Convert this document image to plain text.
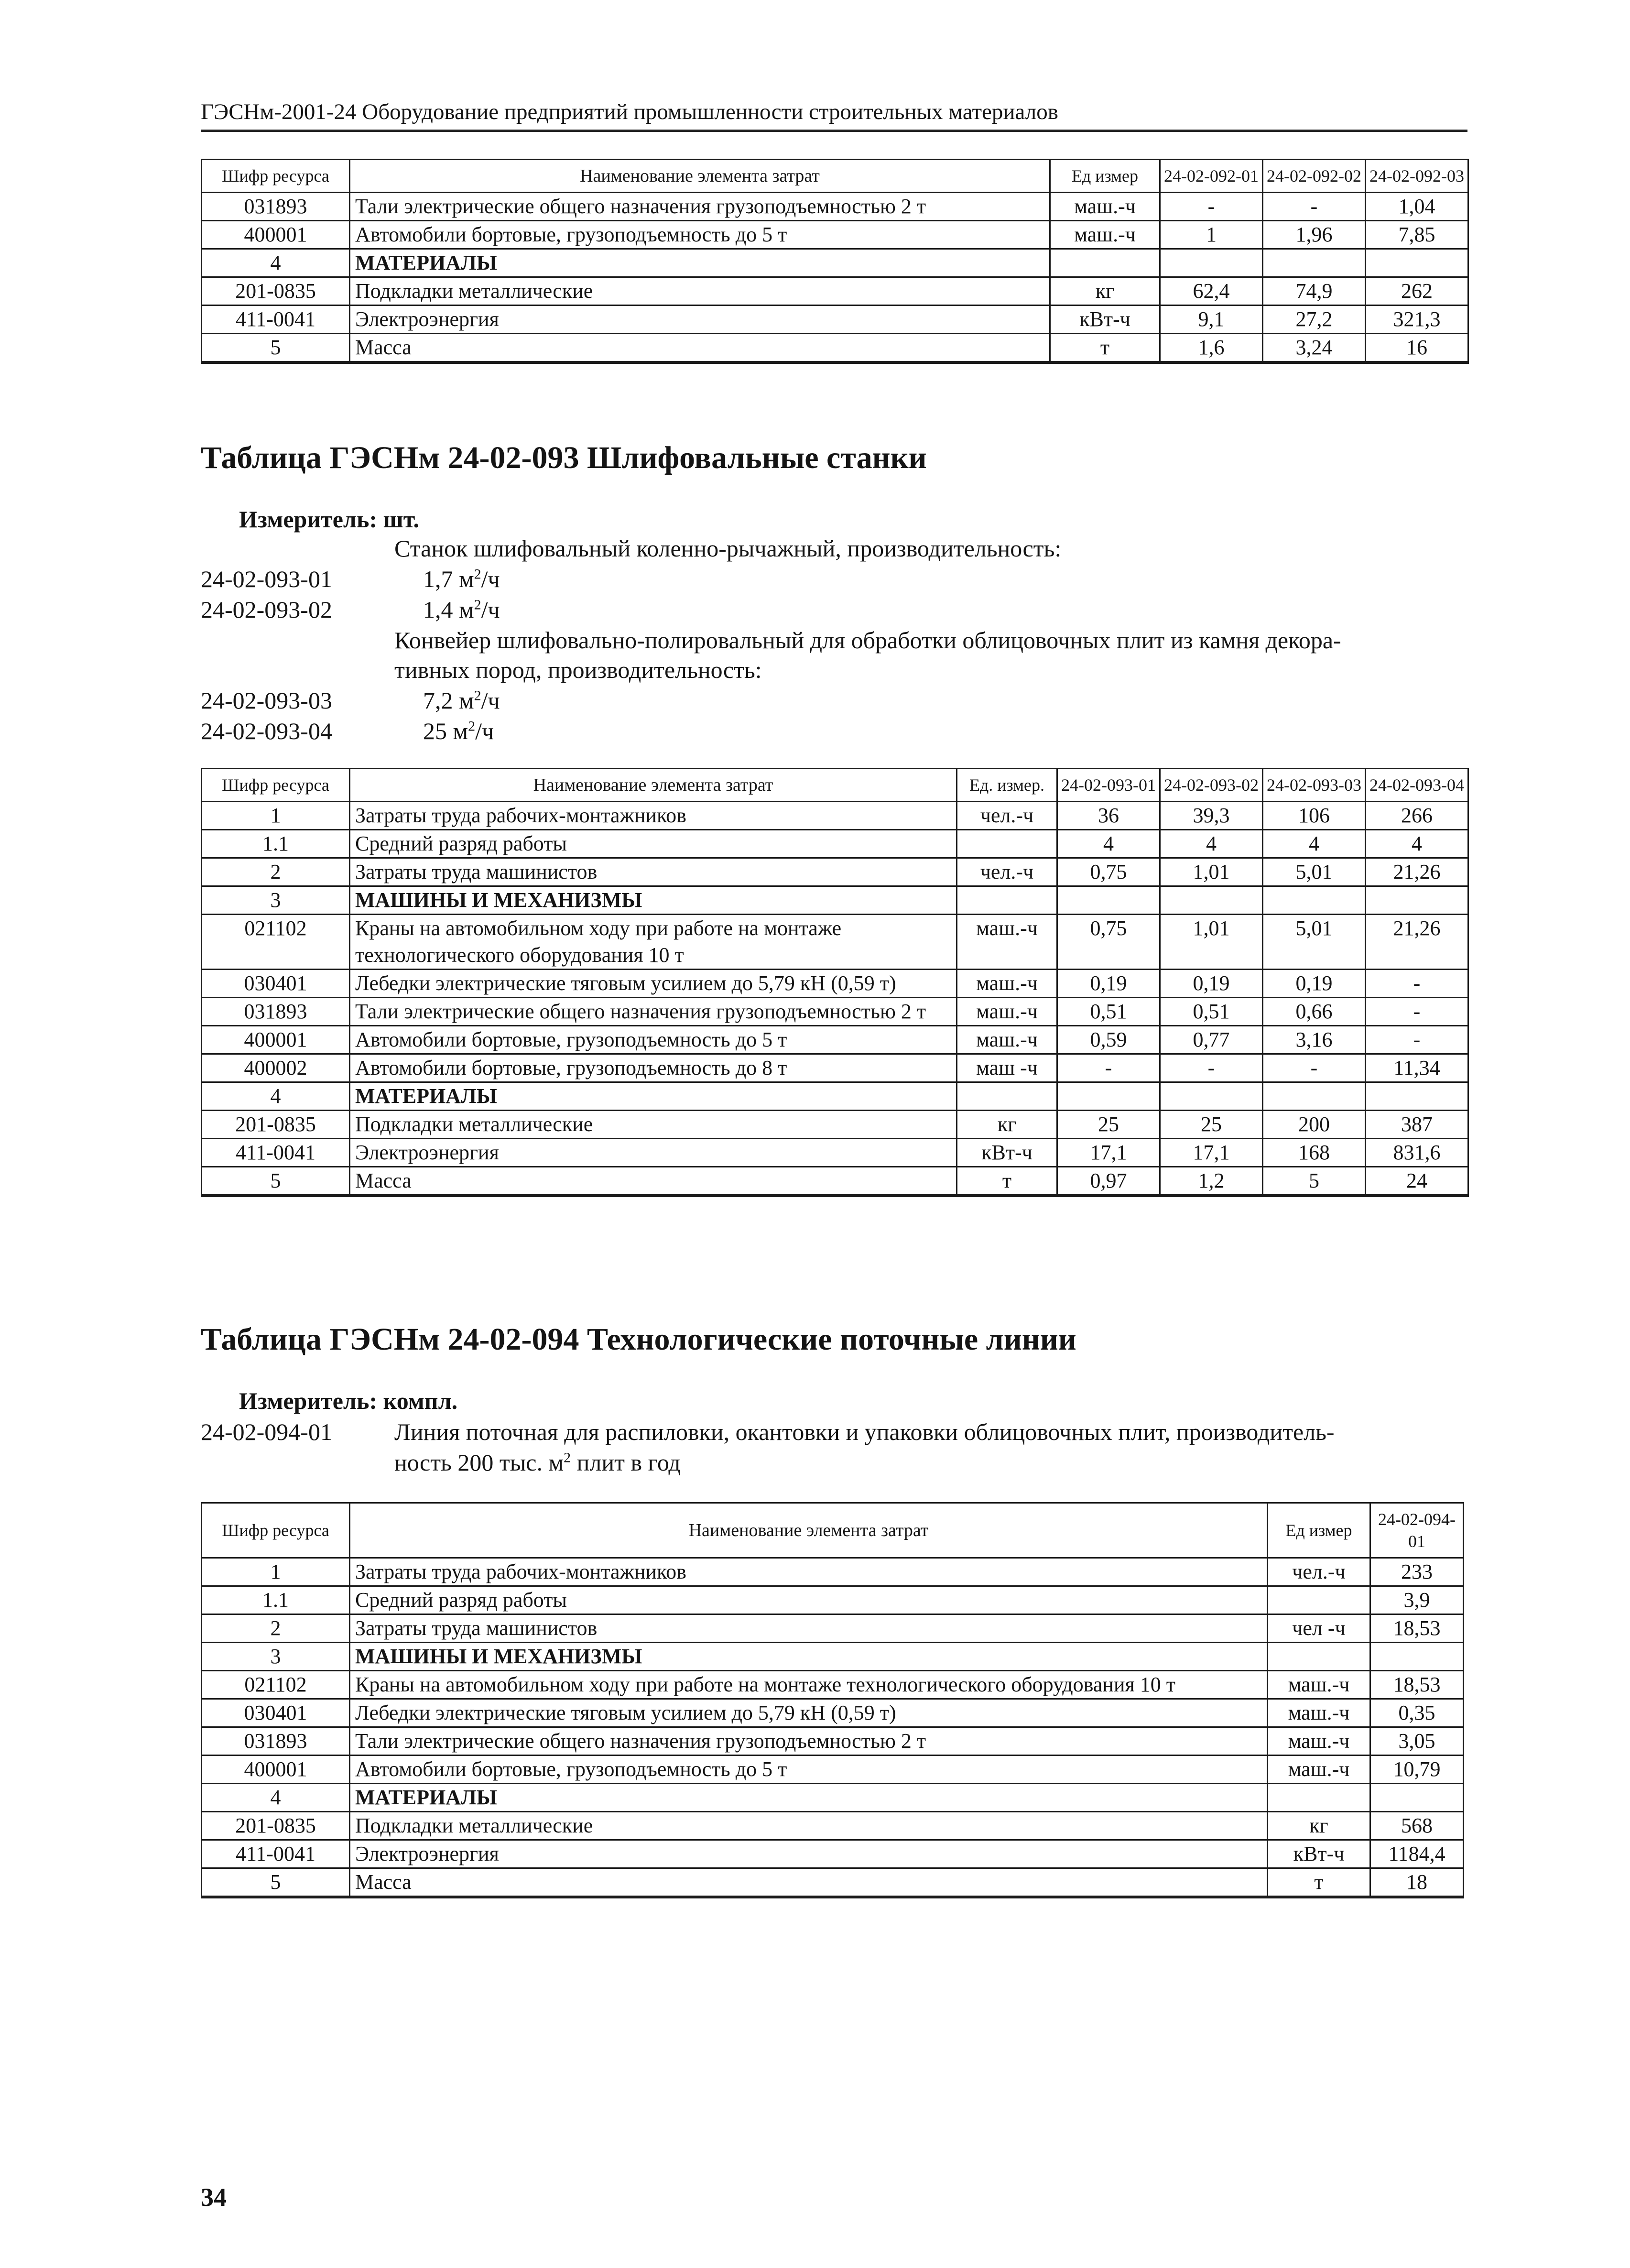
ГЭСНм-2001-24 Оборудование предприятий промышленности строительных материалов
Шифр ресурса	Наименование элемента затрат	Ед измер	24-02-092-01	24-02-092-02	24-02-092-03
031893	Тали электрические общего назначения грузоподъемностью 2 т	маш.-ч	-	-	1,04
400001	Автомобили бортовые, грузоподъемность до 5 т	маш.-ч	1	1,96	7,85
4	МАТЕРИАЛЫ				
201-0835	Подкладки металлические	кг	62,4	74,9	262
411-0041	Электроэнергия	кВт-ч	9,1	27,2	321,3
5	Масса	т	1,6	3,24	16
Таблица ГЭСНм 24-02-093 Шлифовальные станки
Измеритель: шт.
Станок шлифовальный коленно-рычажный, производительность:
24-02-093-01	1,7 $м^2/ч$
24-02-093-02	1,4 $м^2/ч$
Конвейер шлифовально-полировальный для обработки облицовочных плит из камня декора-
тивных пород, производительность:
24-02-093-03	7,2 $м^2/ч$
24-02-093-04	25 $м^2/ч$
Шифр ресурса	Наименование элемента затрат	Ед. измер.	24-02-093-01	24-02-093-02	24-02-093-03	24-02-093-04
1	Затраты труда рабочих-монтажников	чел.-ч	36	39,3	106	266
1.1	Средний разряд работы		4	4	4	4
2	Затраты труда машинистов	чел.-ч	0,75	1,01	5,01	21,26
3	МАШИНЫ И МЕХАНИЗМЫ					
021102	Краны на автомобильном ходу при работе на монтаже технологического оборудования 10 т	маш.-ч	0,75	1,01	5,01	21,26
030401	Лебедки электрические тяговым усилием до 5,79 кН (0,59 т)	маш.-ч	0,19	0,19	0,19	-
031893	Тали электрические общего назначения грузоподъемностью 2 т	маш.-ч	0,51	0,51	0,66	-
400001	Автомобили бортовые, грузоподъемность до 5 т	маш.-ч	0,59	0,77	3,16	-
400002	Автомобили бортовые, грузоподъемность до 8 т	маш -ч	-	-	-	11,34
4	МАТЕРИАЛЫ					
201-0835	Подкладки металлические	кг	25	25	200	387
411-0041	Электроэнергия	кВт-ч	17,1	17,1	168	831,6
5	Масса	т	0,97	1,2	5	24
Таблица ГЭСНм 24-02-094 Технологические поточные линии
Измеритель: компл.
24-02-094-01	Линия поточная для распиловки, окантовки и упаковки облицовочных плит, производитель-
ность 200 тыс. $м^2$ плит в год
Шифр ресурса	Наименование элемента затрат	Ед измер	24-02-094-01
1	Затраты труда рабочих-монтажников	чел.-ч	233
1.1	Средний разряд работы		3,9
2	Затраты труда машинистов	чел -ч	18,53
3	МАШИНЫ И МЕХАНИЗМЫ		
021102	Краны на автомобильном ходу при работе на монтаже технологического оборудования 10 т	маш.-ч	18,53
030401	Лебедки электрические тяговым усилием до 5,79 кН (0,59 т)	маш.-ч	0,35
031893	Тали электрические общего назначения грузоподъемностью 2 т	маш.-ч	3,05
400001	Автомобили бортовые, грузоподъемность до 5 т	маш.-ч	10,79
4	МАТЕРИАЛЫ		
201-0835	Подкладки металлические	кг	568
411-0041	Электроэнергия	кВт-ч	1184,4
5	Масса	т	18
34
